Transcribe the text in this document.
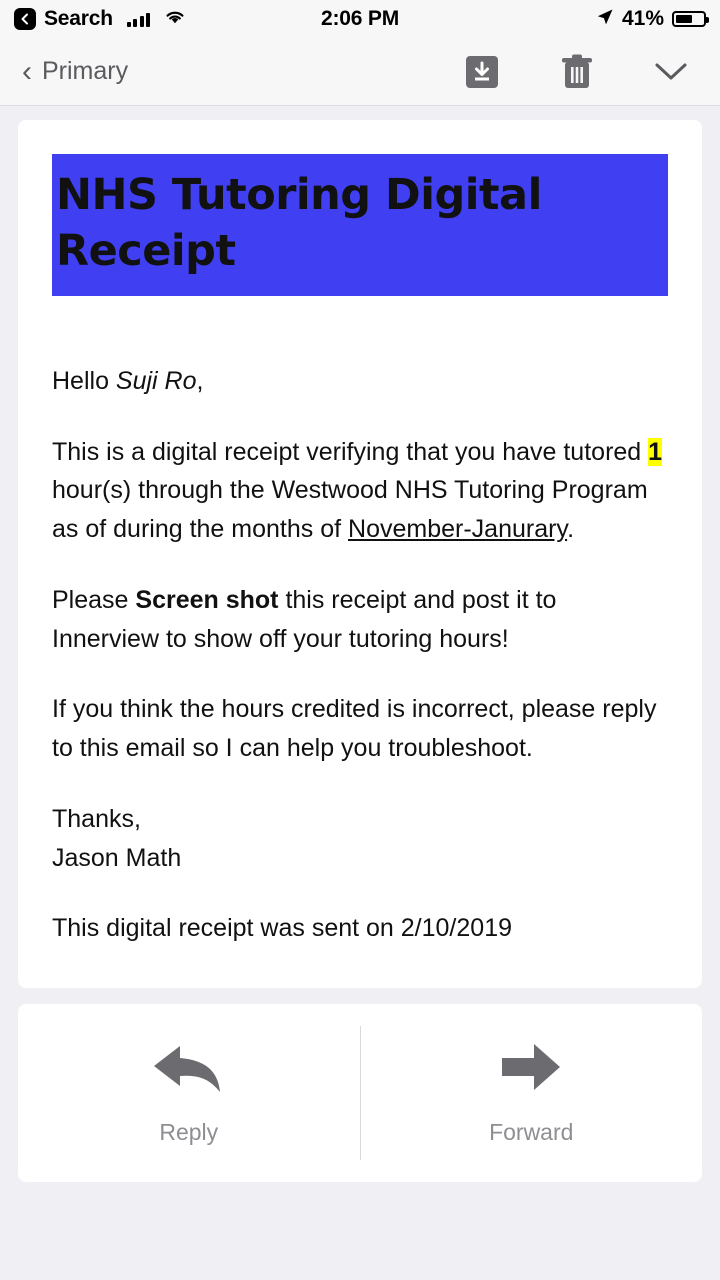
Search	2:06 PM	41%
‹ Primary
NHS Tutoring Digital Receipt

Hello Suji Ro,

This is a digital receipt verifying that you have tutored 1 hour(s) through the Westwood NHS Tutoring Program as of during the months of November-Janurary.

Please Screen shot this receipt and post it to Innerview to show off your tutoring hours!

If you think the hours credited is incorrect, please reply to this email so I can help you troubleshoot.

Thanks,
Jason Math

This digital receipt was sent on 2/10/2019

Reply	Forward
